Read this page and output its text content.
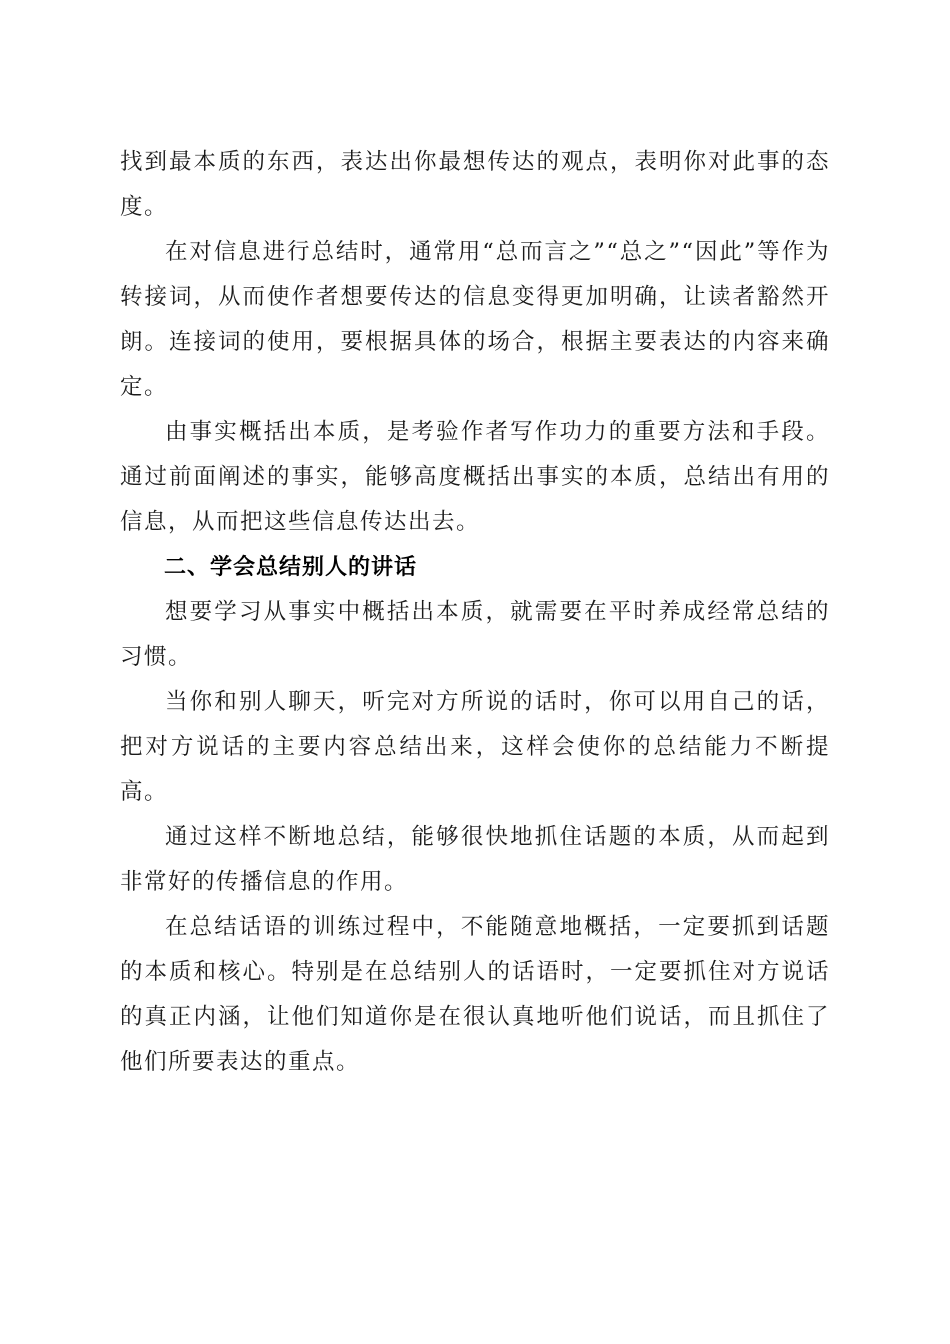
找到最本质的东西，表达出你最想传达的观点，表明你对此事的态度。

在对信息进行总结时，通常用“总而言之”“总之”“因此”等作为转接词，从而使作者想要传达的信息变得更加明确，让读者豁然开朗。连接词的使用，要根据具体的场合，根据主要表达的内容来确定。

由事实概括出本质，是考验作者写作功力的重要方法和手段。通过前面阐述的事实，能够高度概括出事实的本质，总结出有用的信息，从而把这些信息传达出去。

二、学会总结别人的讲话

想要学习从事实中概括出本质，就需要在平时养成经常总结的习惯。

当你和别人聊天，听完对方所说的话时，你可以用自己的话，把对方说话的主要内容总结出来，这样会使你的总结能力不断提高。

通过这样不断地总结，能够很快地抓住话题的本质，从而起到非常好的传播信息的作用。

在总结话语的训练过程中，不能随意地概括，一定要抓到话题的本质和核心。特别是在总结别人的话语时，一定要抓住对方说话的真正内涵，让他们知道你是在很认真地听他们说话，而且抓住了他们所要表达的重点。
